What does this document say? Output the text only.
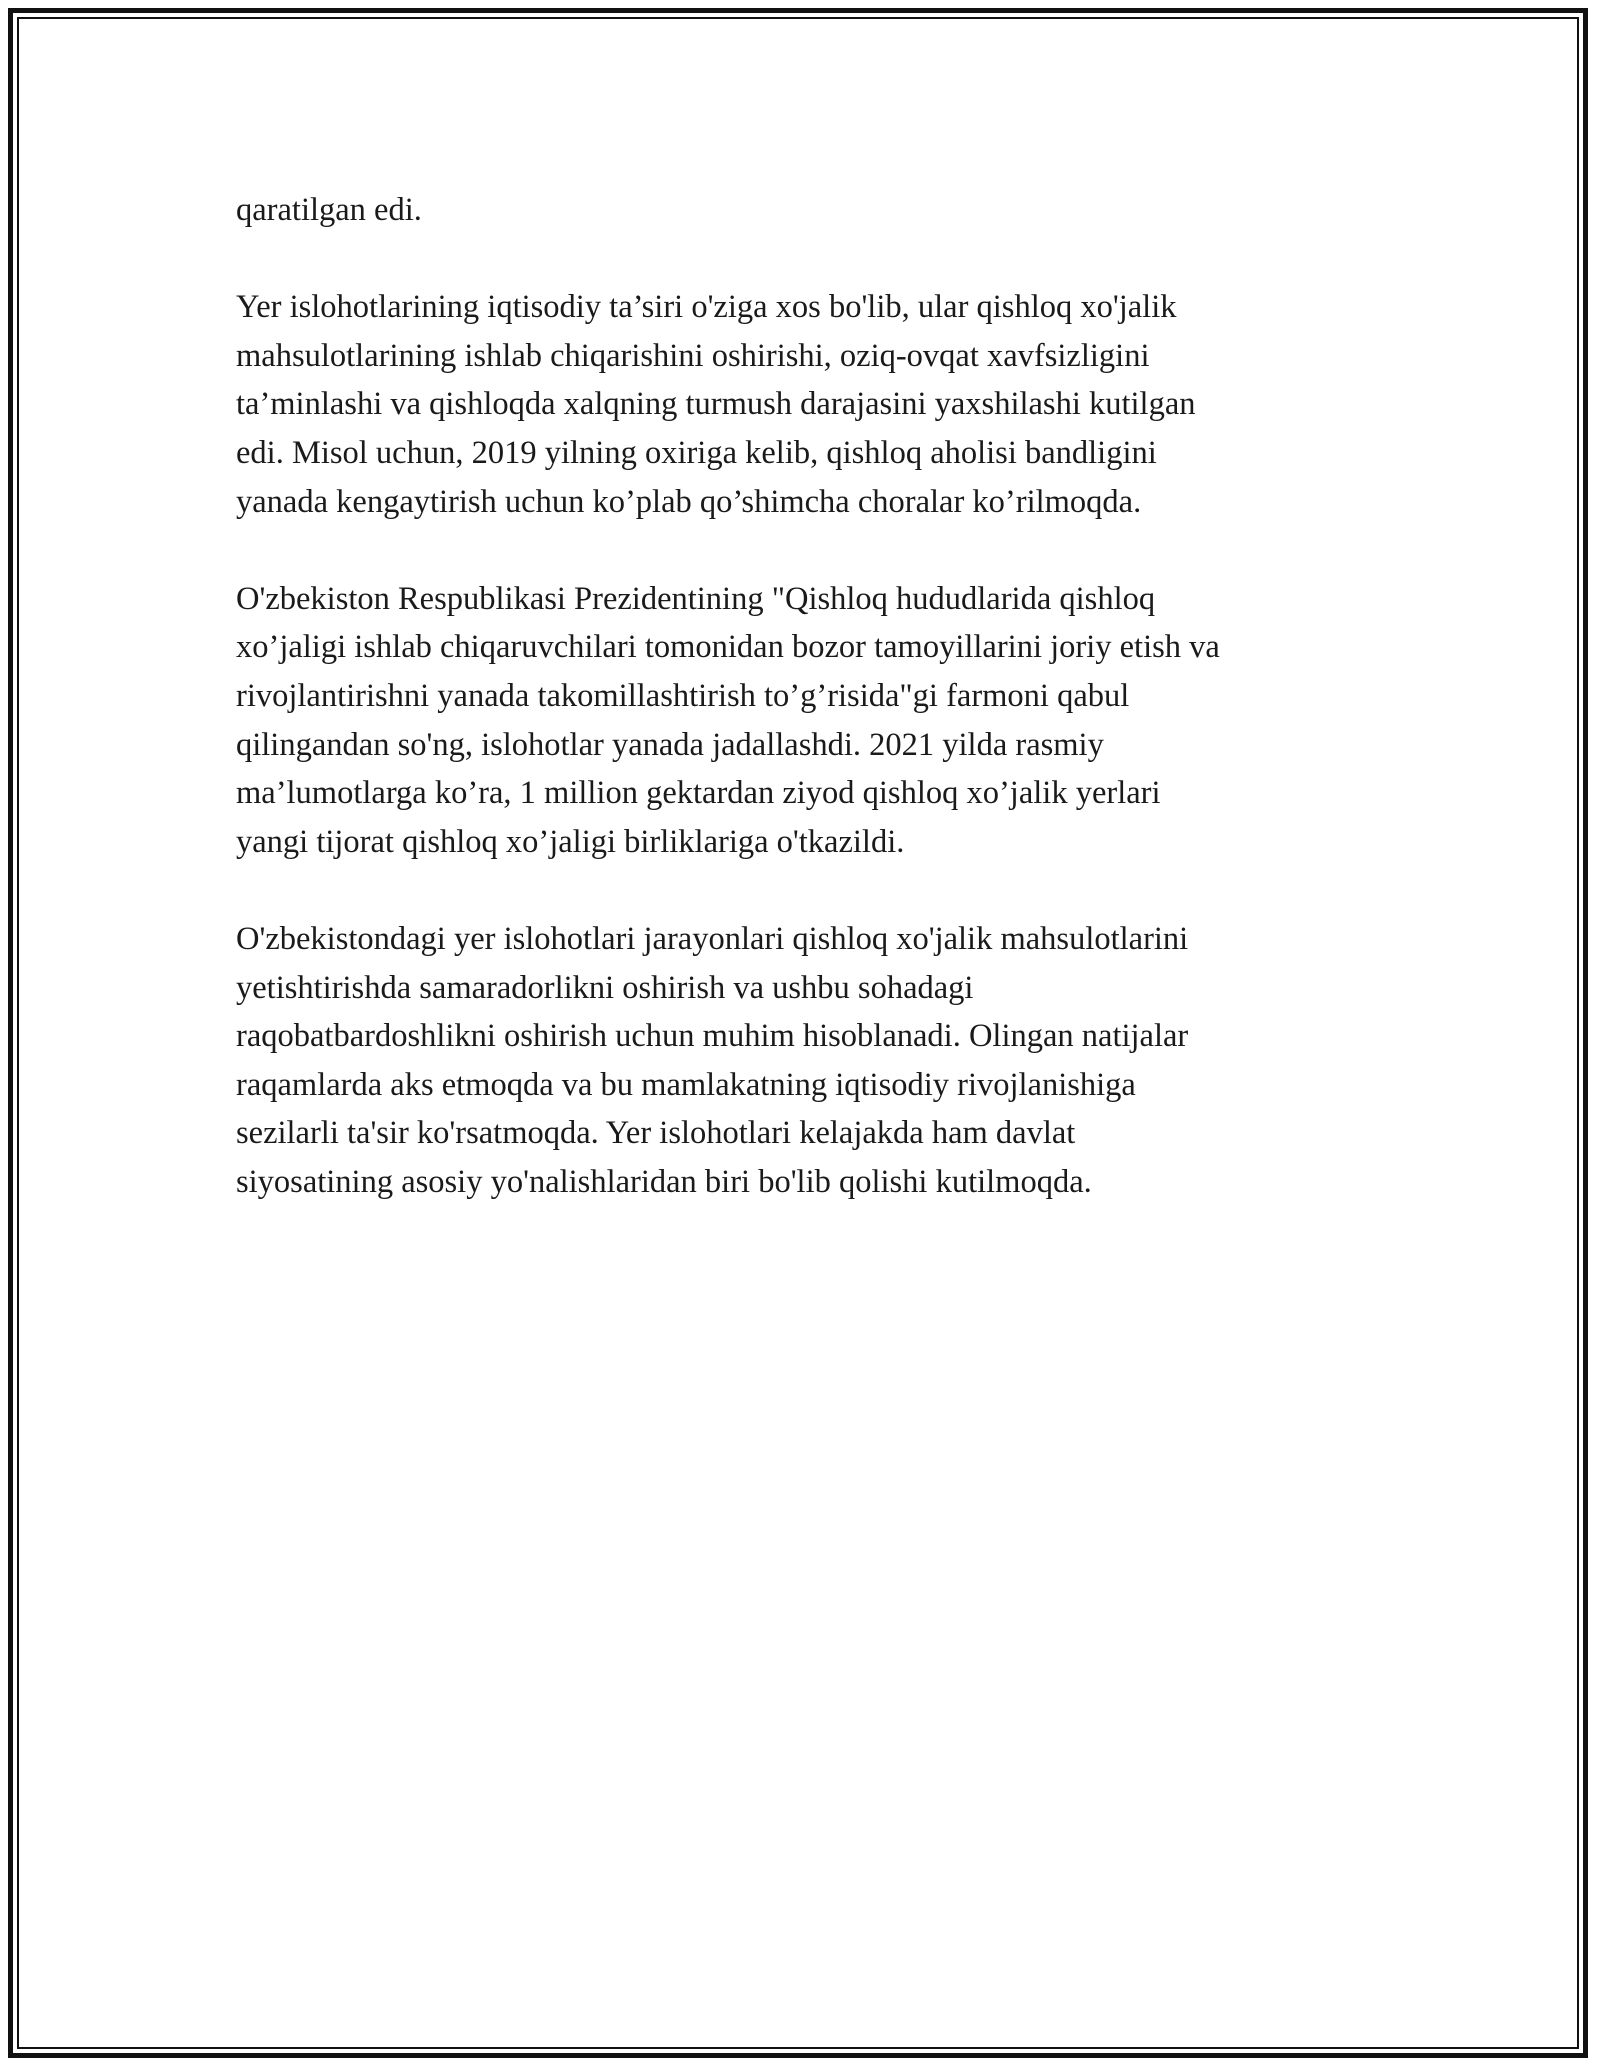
qaratilgan edi.

Yer islohotlarining iqtisodiy ta’siri o'ziga xos bo'lib, ular qishloq xo'jalik
mahsulotlarining ishlab chiqarishini oshirishi, oziq-ovqat xavfsizligini
ta’minlashi va qishloqda xalqning turmush darajasini yaxshilashi kutilgan
edi. Misol uchun, 2019 yilning oxiriga kelib, qishloq aholisi bandligini
yanada kengaytirish uchun ko’plab qo’shimcha choralar ko’rilmoqda.

O'zbekiston Respublikasi Prezidentining "Qishloq hududlarida qishloq
xo’jaligi ishlab chiqaruvchilari tomonidan bozor tamoyillarini joriy etish va
rivojlantirishni yanada takomillashtirish to’g’risida"gi farmoni qabul
qilingandan so'ng, islohotlar yanada jadallashdi. 2021 yilda rasmiy
ma’lumotlarga ko’ra, 1 million gektardan ziyod qishloq xo’jalik yerlari
yangi tijorat qishloq xo’jaligi birliklariga o'tkazildi.

O'zbekistondagi yer islohotlari jarayonlari qishloq xo'jalik mahsulotlarini
yetishtirishda samaradorlikni oshirish va ushbu sohadagi
raqobatbardoshlikni oshirish uchun muhim hisoblanadi. Olingan natijalar
raqamlarda aks etmoqda va bu mamlakatning iqtisodiy rivojlanishiga
sezilarli ta'sir ko'rsatmoqda. Yer islohotlari kelajakda ham davlat
siyosatining asosiy yo'nalishlaridan biri bo'lib qolishi kutilmoqda.
